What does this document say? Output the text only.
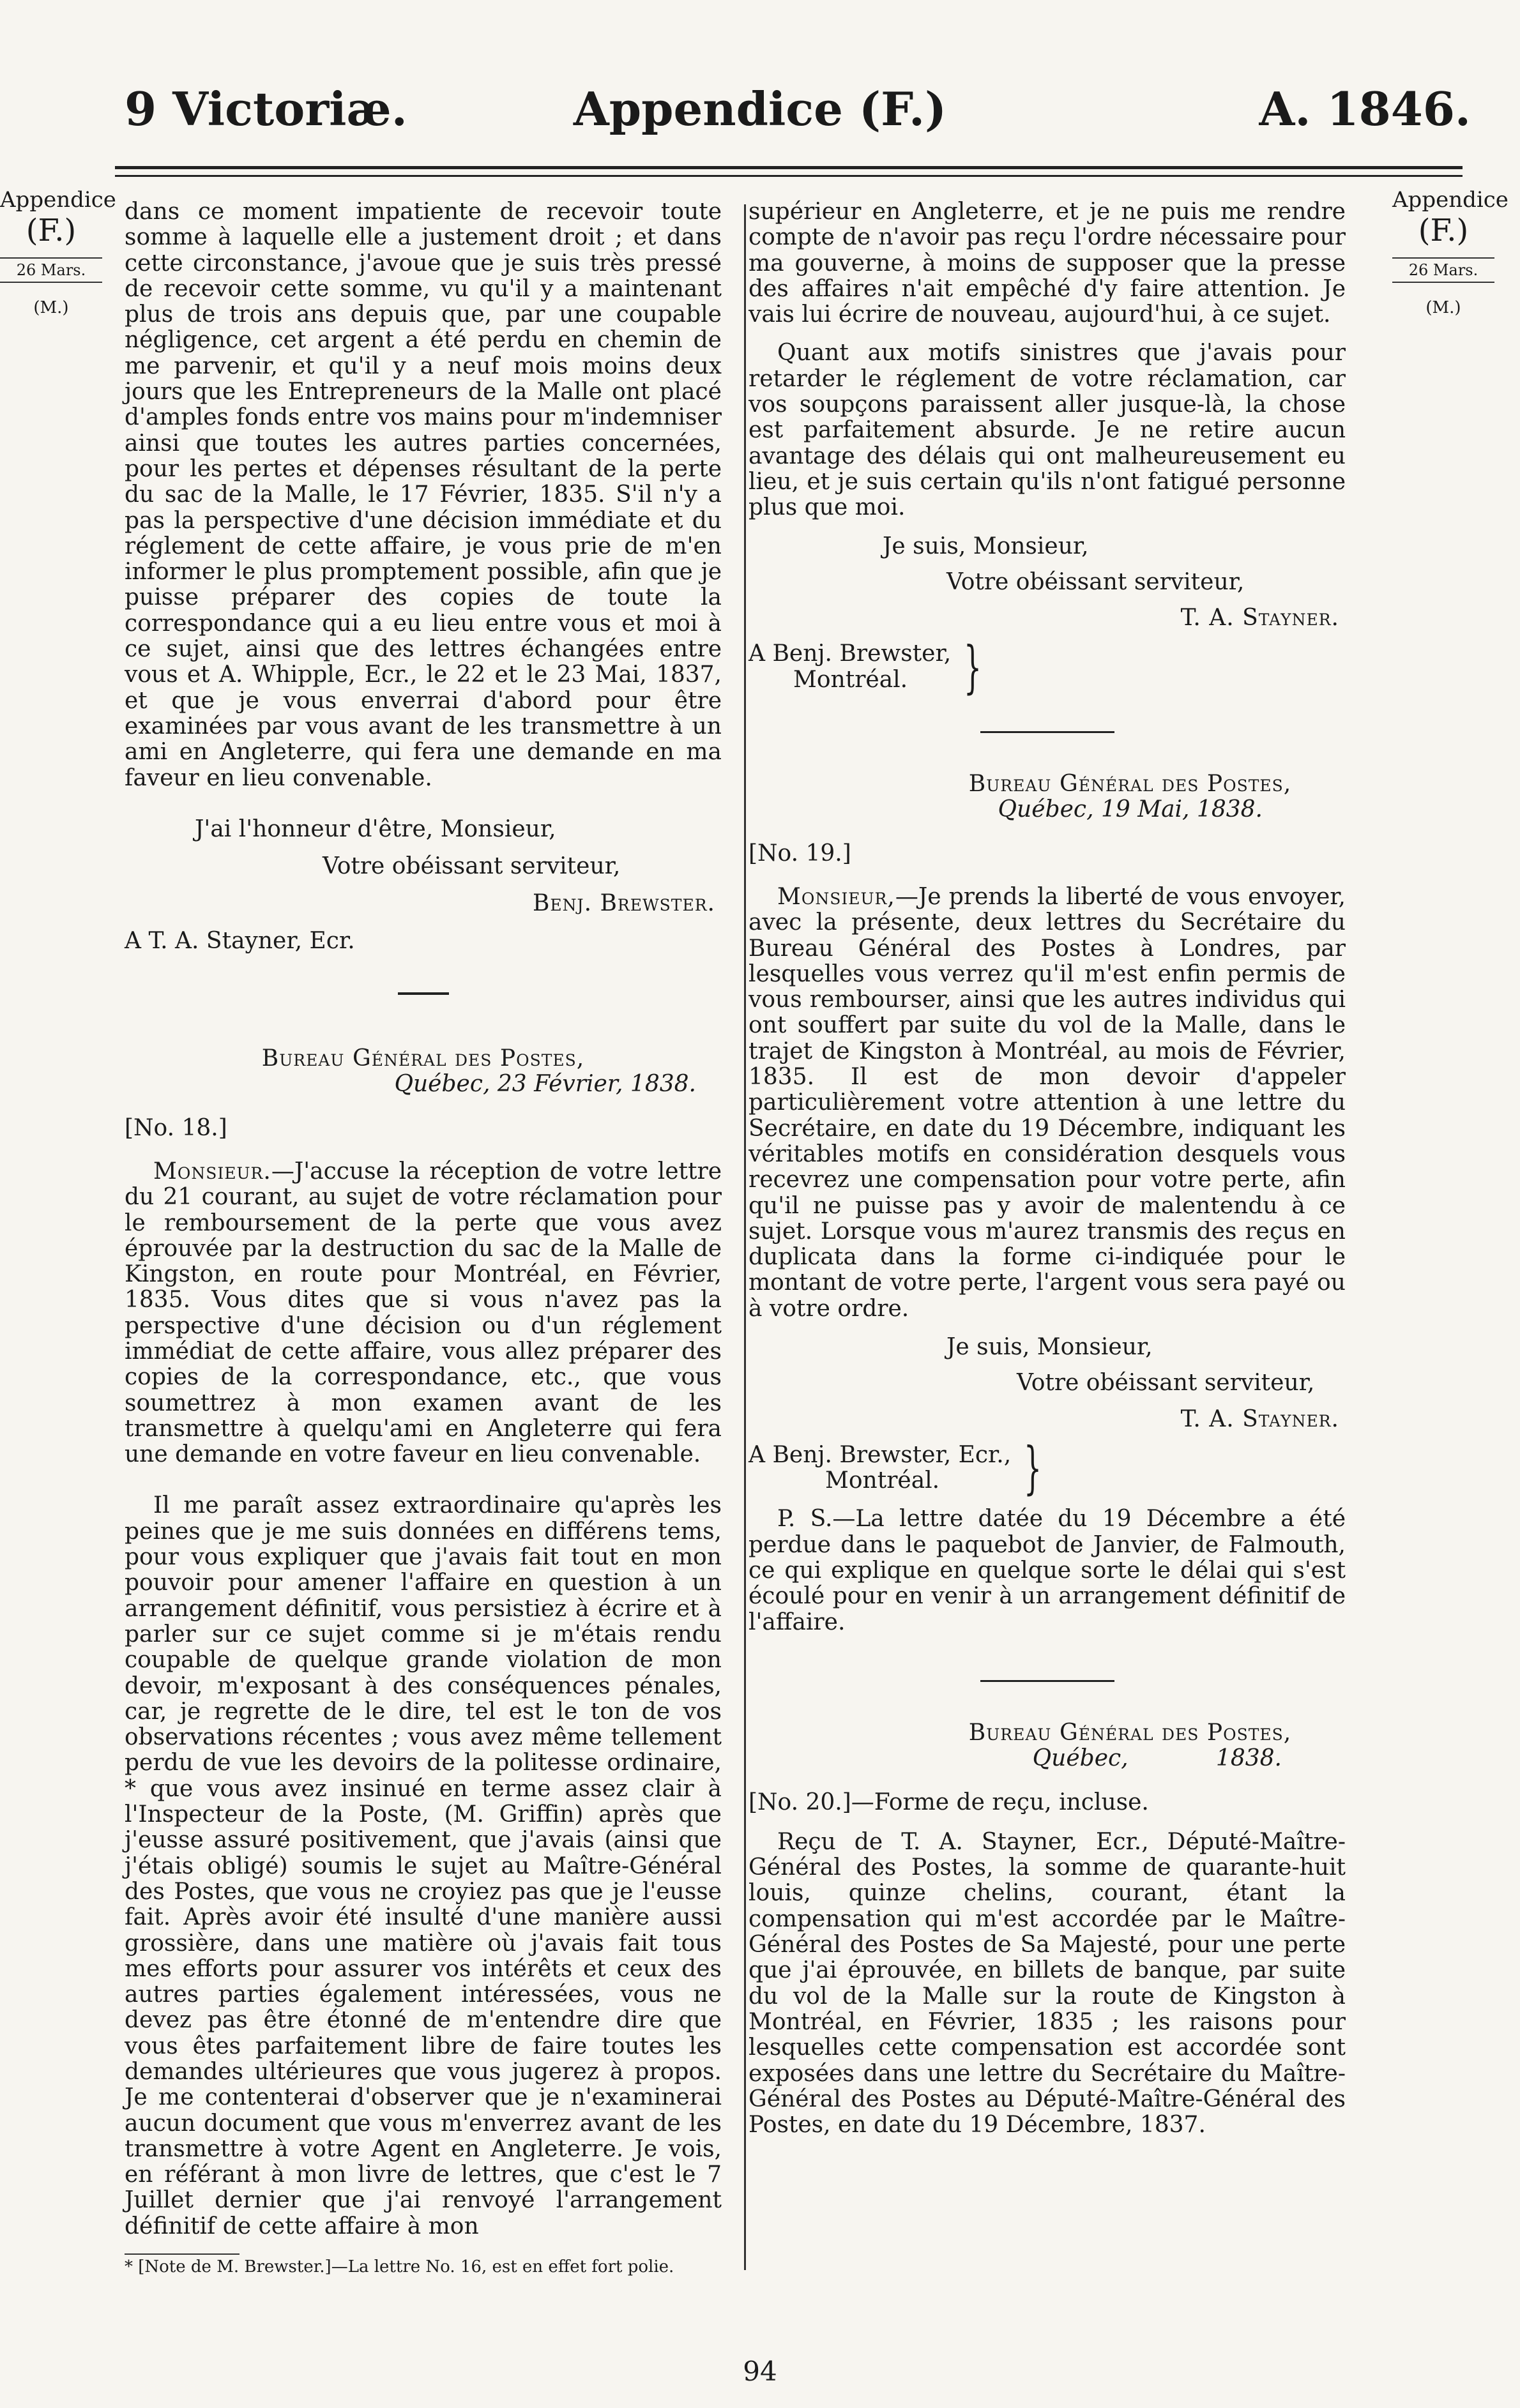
9 Victoriæ.	Appendice (F.)	A. 1846.
Appendice
(F.)
26 Mars.
(M.)
Appendice
(F.)
26 Mars.
(M.)

dans ce moment impatiente de recevoir toute somme à laquelle elle a justement droit ; et dans cette circonstance, j'avoue que je suis très pressé de recevoir cette somme, vu qu'il y a maintenant plus de trois ans depuis que, par une coupable négligence, cet argent a été perdu en chemin de me parvenir, et qu'il y a neuf mois moins deux jours que les Entrepreneurs de la Malle ont placé d'amples fonds entre vos mains pour m'indemniser ainsi que toutes les autres parties concernées, pour les pertes et dépenses résultant de la perte du sac de la Malle, le 17 Février, 1835. S'il n'y a pas la perspective d'une décision immédiate et du réglement de cette affaire, je vous prie de m'en informer le plus promptement possible, afin que je puisse préparer des copies de toute la correspondance qui a eu lieu entre vous et moi à ce sujet, ainsi que des lettres échangées entre vous et A. Whipple, Ecr., le 22 et le 23 Mai, 1837, et que je vous enverrai d'abord pour être examinées par vous avant de les transmettre à un ami en Angleterre, qui fera une demande en ma faveur en lieu convenable.

J'ai l'honneur d'être, Monsieur,

Votre obéissant serviteur,

Benj. Brewster.

A T. A. Stayner, Ecr.

Bureau Général des Postes,

Québec, 23 Février, 1838.

[No. 18.]

Monsieur.—J'accuse la réception de votre lettre du 21 courant, au sujet de votre réclamation pour le remboursement de la perte que vous avez éprouvée par la destruction du sac de la Malle de Kingston, en route pour Montréal, en Février, 1835. Vous dites que si vous n'avez pas la perspective d'une décision ou d'un réglement immédiat de cette affaire, vous allez préparer des copies de la correspondance, etc., que vous soumettrez à mon examen avant de les transmettre à quelqu'ami en Angleterre qui fera une demande en votre faveur en lieu convenable.

Il me paraît assez extraordinaire qu'après les peines que je me suis données en différens tems, pour vous expliquer que j'avais fait tout en mon pouvoir pour amener l'affaire en question à un arrangement définitif, vous persistiez à écrire et à parler sur ce sujet comme si je m'étais rendu coupable de quelque grande violation de mon devoir, m'exposant à des conséquences pénales, car, je regrette de le dire, tel est le ton de vos observations récentes ; vous avez même tellement perdu de vue les devoirs de la politesse ordinaire, * que vous avez insinué en terme assez clair à l'Inspecteur de la Poste, (M. Griffin) après que j'eusse assuré positivement, que j'avais (ainsi que j'étais obligé) soumis le sujet au Maître-Général des Postes, que vous ne croyiez pas que je l'eusse fait. Après avoir été insulté d'une manière aussi grossière, dans une matière où j'avais fait tous mes efforts pour assurer vos intérêts et ceux des autres parties également intéressées, vous ne devez pas être étonné de m'entendre dire que vous êtes parfaitement libre de faire toutes les demandes ultérieures que vous jugerez à propos. Je me contenterai d'observer que je n'examinerai aucun document que vous m'enverrez avant de les transmettre à votre Agent en Angleterre. Je vois, en référant à mon livre de lettres, que c'est le 7 Juillet dernier que j'ai renvoyé l'arrangement définitif de cette affaire à mon

* [Note de M. Brewster.]—La lettre No. 16, est en effet fort polie.

supérieur en Angleterre, et je ne puis me rendre compte de n'avoir pas reçu l'ordre nécessaire pour ma gouverne, à moins de supposer que la presse des affaires n'ait empêché d'y faire attention. Je vais lui écrire de nouveau, aujourd'hui, à ce sujet.

Quant aux motifs sinistres que j'avais pour retarder le réglement de votre réclamation, car vos soupçons paraissent aller jusque-là, la chose est parfaitement absurde. Je ne retire aucun avantage des délais qui ont malheureusement eu lieu, et je suis certain qu'ils n'ont fatigué personne plus que moi.

Je suis, Monsieur,

Votre obéissant serviteur,

T. A. Stayner.

A Benj. Brewster,

Montréal.	}

Bureau Général des Postes,

Québec, 19 Mai, 1838.

[No. 19.]

Monsieur,—Je prends la liberté de vous envoyer, avec la présente, deux lettres du Secrétaire du Bureau Général des Postes à Londres, par lesquelles vous verrez qu'il m'est enfin permis de vous rembourser, ainsi que les autres individus qui ont souffert par suite du vol de la Malle, dans le trajet de Kingston à Montréal, au mois de Février, 1835. Il est de mon devoir d'appeler particulièrement votre attention à une lettre du Secrétaire, en date du 19 Décembre, indiquant les véritables motifs en considération desquels vous recevrez une compensation pour votre perte, afin qu'il ne puisse pas y avoir de malentendu à ce sujet. Lorsque vous m'aurez transmis des reçus en duplicata dans la forme ci-indiquée pour le montant de votre perte, l'argent vous sera payé ou à votre ordre.

Je suis, Monsieur,

Votre obéissant serviteur,

T. A. Stayner.

A Benj. Brewster, Ecr.,

Montréal.	}

P. S.—La lettre datée du 19 Décembre a été perdue dans le paquebot de Janvier, de Falmouth, ce qui explique en quelque sorte le délai qui s'est écoulé pour en venir à un arrangement définitif de l'affaire.

Bureau Général des Postes,

Québec,            1838.

[No. 20.]—Forme de reçu, incluse.

Reçu de T. A. Stayner, Ecr., Député-Maître-Général des Postes, la somme de quarante-huit louis, quinze chelins, courant, étant la compensation qui m'est accordée par le Maître-Général des Postes de Sa Majesté, pour une perte que j'ai éprouvée, en billets de banque, par suite du vol de la Malle sur la route de Kingston à Montréal, en Février, 1835 ; les raisons pour lesquelles cette compensation est accordée sont exposées dans une lettre du Secrétaire du Maître-Général des Postes au Député-Maître-Général des Postes, en date du 19 Décembre, 1837.

94
